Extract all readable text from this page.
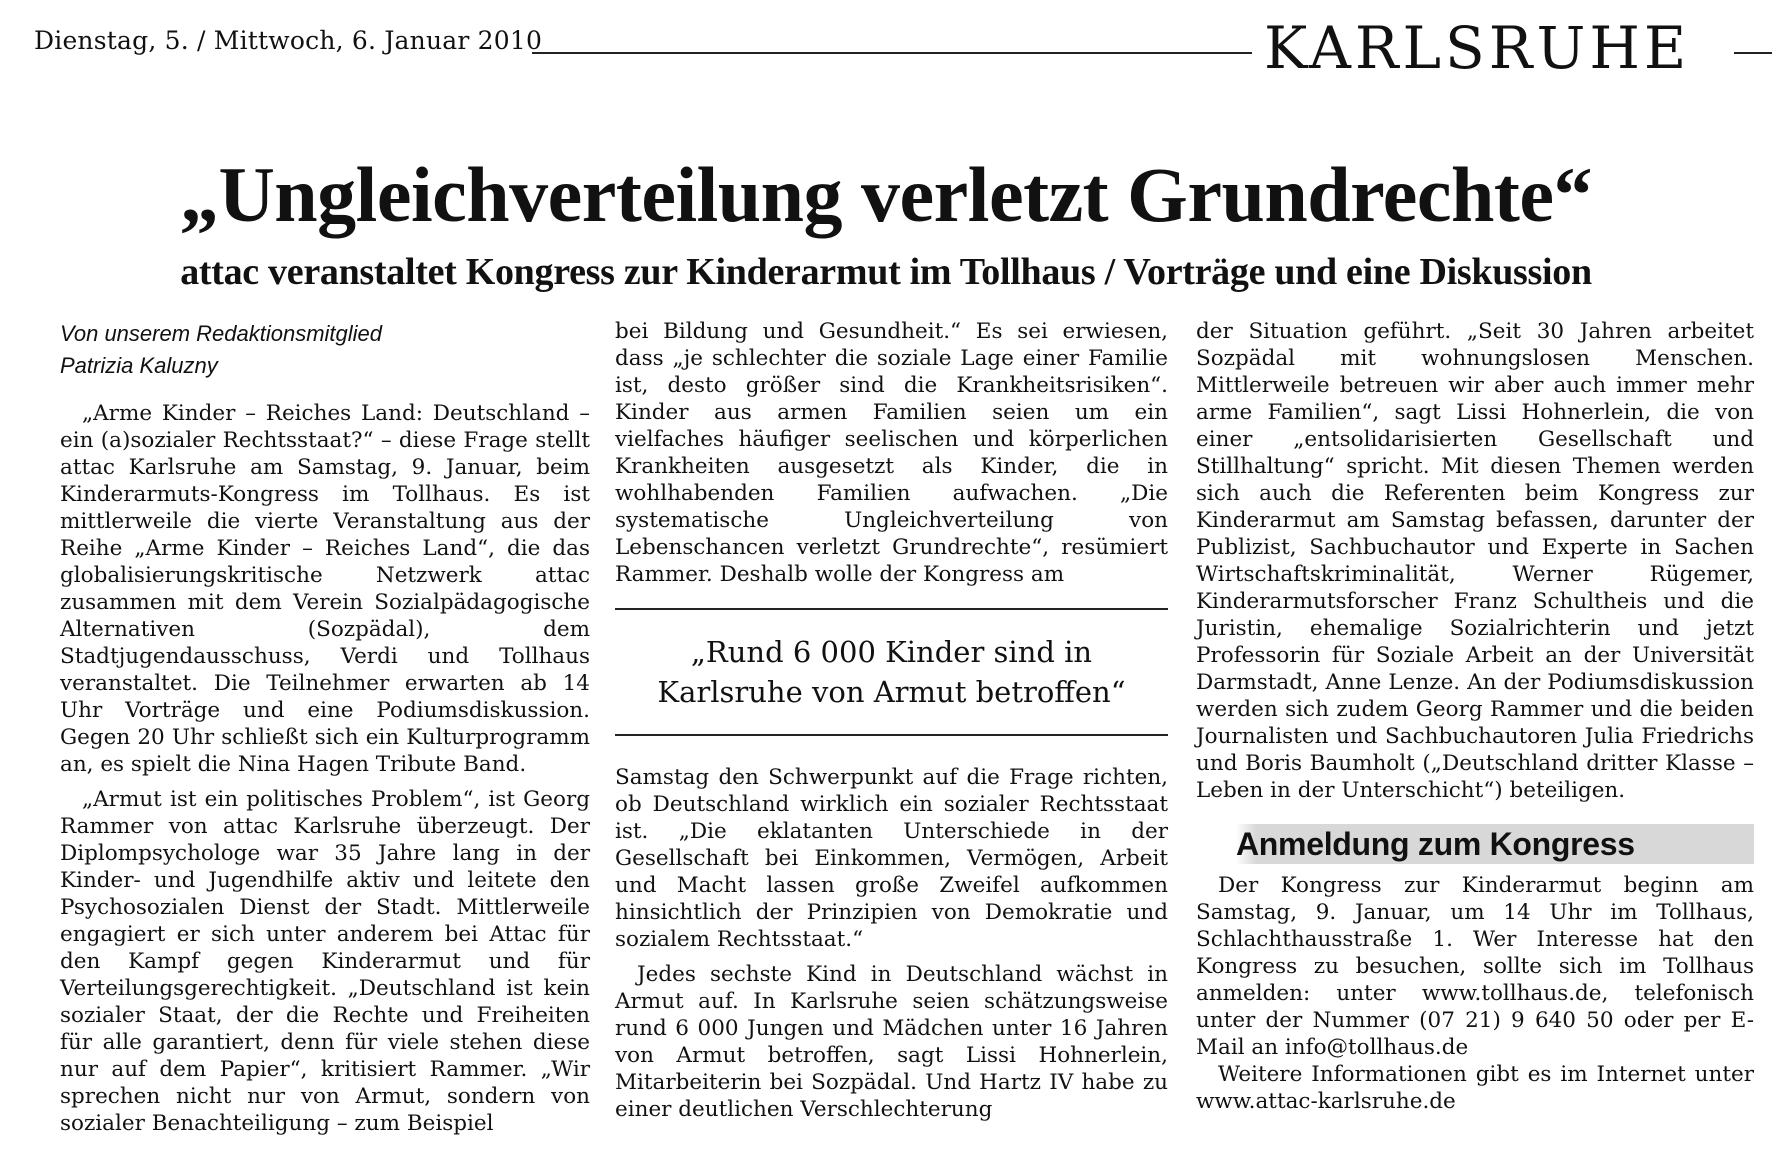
Dienstag, 5. / Mittwoch, 6. Januar 2010	KARLSRUHE
„Ungleichverteilung verletzt Grundrechte“
attac veranstaltet Kongress zur Kinderarmut im Tollhaus / Vorträge und eine Diskussion
Von unserem Redaktionsmitglied
Patrizia Kaluzny

„Arme Kinder – Reiches Land: Deutschland – ein (a)sozialer Rechtsstaat?“ – diese Frage stellt attac Karlsruhe am Samstag, 9. Januar, beim Kinderarmuts-Kongress im Tollhaus. Es ist mittlerweile die vierte Veranstaltung aus der Reihe „Arme Kinder – Reiches Land“, die das globalisierungskritische Netzwerk attac zusammen mit dem Verein Sozialpädagogische Alternativen (Sozpädal), dem Stadtjugendausschuss, Verdi und Tollhaus veranstaltet. Die Teilnehmer erwarten ab 14 Uhr Vorträge und eine Podiumsdiskussion. Gegen 20 Uhr schließt sich ein Kulturprogramm an, es spielt die Nina Hagen Tribute Band.

„Armut ist ein politisches Problem“, ist Georg Rammer von attac Karlsruhe überzeugt. Der Diplompsychologe war 35 Jahre lang in der Kinder- und Jugendhilfe aktiv und leitete den Psychosozialen Dienst der Stadt. Mittlerweile engagiert er sich unter anderem bei Attac für den Kampf gegen Kinderarmut und für Verteilungsgerechtigkeit. „Deutschland ist kein sozialer Staat, der die Rechte und Freiheiten für alle garantiert, denn für viele stehen diese nur auf dem Papier“, kritisiert Rammer. „Wir sprechen nicht nur von Armut, sondern von sozialer Benachteiligung – zum Beispiel

bei Bildung und Gesundheit.“ Es sei erwiesen, dass „je schlechter die soziale Lage einer Familie ist, desto größer sind die Krankheitsrisiken“. Kinder aus armen Familien seien um ein vielfaches häufiger seelischen und körperlichen Krankheiten ausgesetzt als Kinder, die in wohlhabenden Familien aufwachen. „Die systematische Ungleichverteilung von Lebenschancen verletzt Grundrechte“, resümiert Rammer. Deshalb wolle der Kongress am

„Rund 6 000 Kinder sind in Karlsruhe von Armut betroffen“

Samstag den Schwerpunkt auf die Frage richten, ob Deutschland wirklich ein sozialer Rechtsstaat ist. „Die eklatanten Unterschiede in der Gesellschaft bei Einkommen, Vermögen, Arbeit und Macht lassen große Zweifel aufkommen hinsichtlich der Prinzipien von Demokratie und sozialem Rechtsstaat.“

Jedes sechste Kind in Deutschland wächst in Armut auf. In Karlsruhe seien schätzungsweise rund 6 000 Jungen und Mädchen unter 16 Jahren von Armut betroffen, sagt Lissi Hohnerlein, Mitarbeiterin bei Sozpädal. Und Hartz IV habe zu einer deutlichen Verschlechterung

der Situation geführt. „Seit 30 Jahren arbeitet Sozpädal mit wohnungslosen Menschen. Mittlerweile betreuen wir aber auch immer mehr arme Familien“, sagt Lissi Hohnerlein, die von einer „entsolidarisierten Gesellschaft und Stillhaltung“ spricht. Mit diesen Themen werden sich auch die Referenten beim Kongress zur Kinderarmut am Samstag befassen, darunter der Publizist, Sachbuchautor und Experte in Sachen Wirtschaftskriminalität, Werner Rügemer, Kinderarmutsforscher Franz Schultheis und die Juristin, ehemalige Sozialrichterin und jetzt Professorin für Soziale Arbeit an der Universität Darmstadt, Anne Lenze. An der Podiumsdiskussion werden sich zudem Georg Rammer und die beiden Journalisten und Sachbuchautoren Julia Friedrichs und Boris Baumholt („Deutschland dritter Klasse – Leben in der Unterschicht“) beteiligen.

Anmeldung zum Kongress

Der Kongress zur Kinderarmut beginn am Samstag, 9. Januar, um 14 Uhr im Tollhaus, Schlachthausstraße 1. Wer Interesse hat den Kongress zu besuchen, sollte sich im Tollhaus anmelden: unter www.tollhaus.de, telefonisch unter der Nummer (07 21) 9 640 50 oder per E-Mail an info@tollhaus.de

Weitere Informationen gibt es im Internet unter www.attac-karlsruhe.de
